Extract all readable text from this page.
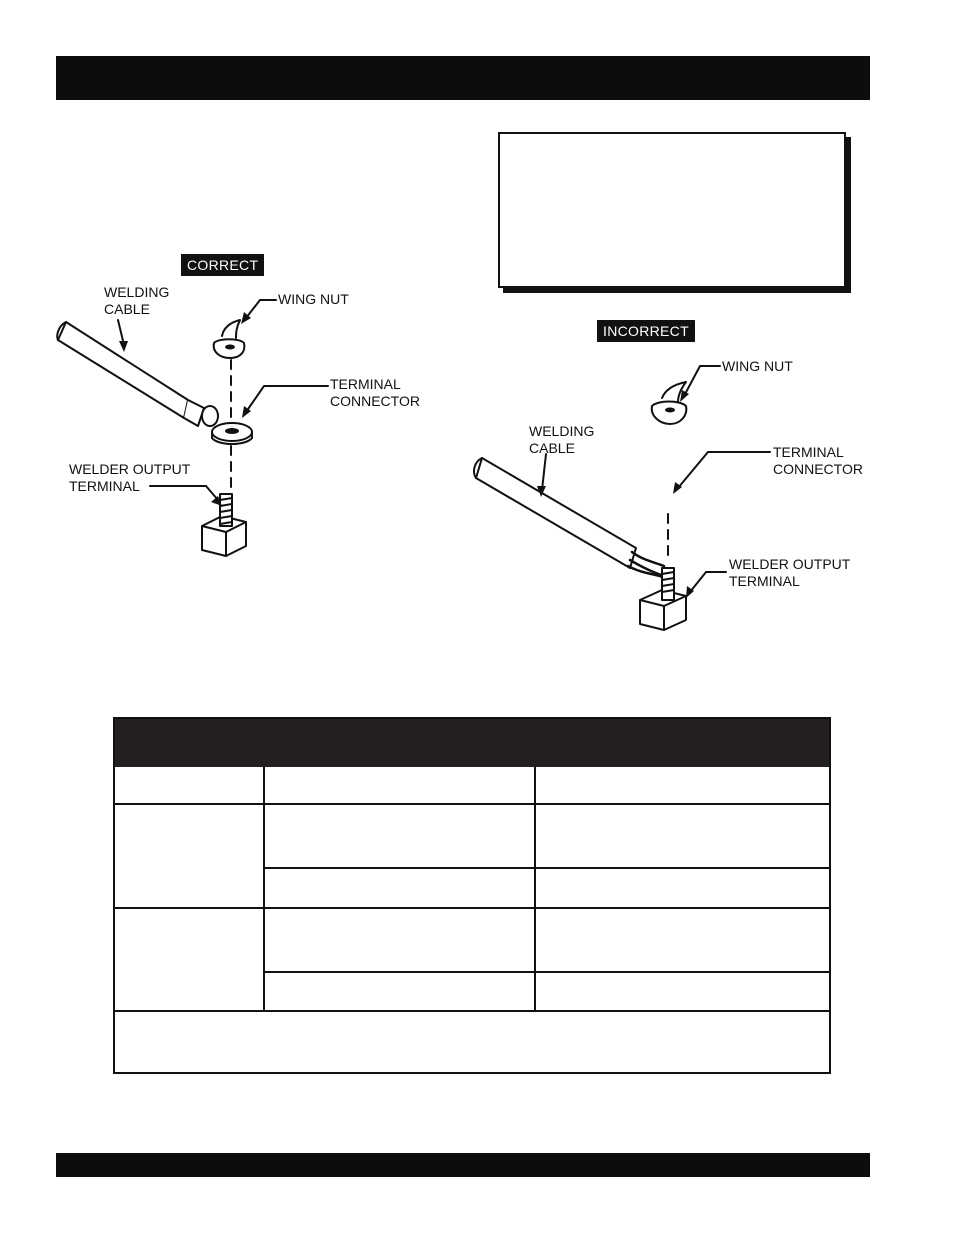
CORRECT
WELDING
CABLE
WING NUT
TERMINAL
CONNECTOR
WELDER OUTPUT
TERMINAL
INCORRECT
WING NUT
WELDING
CABLE	TERMINAL
CONNECTOR
WELDER OUTPUT
TERMINAL
